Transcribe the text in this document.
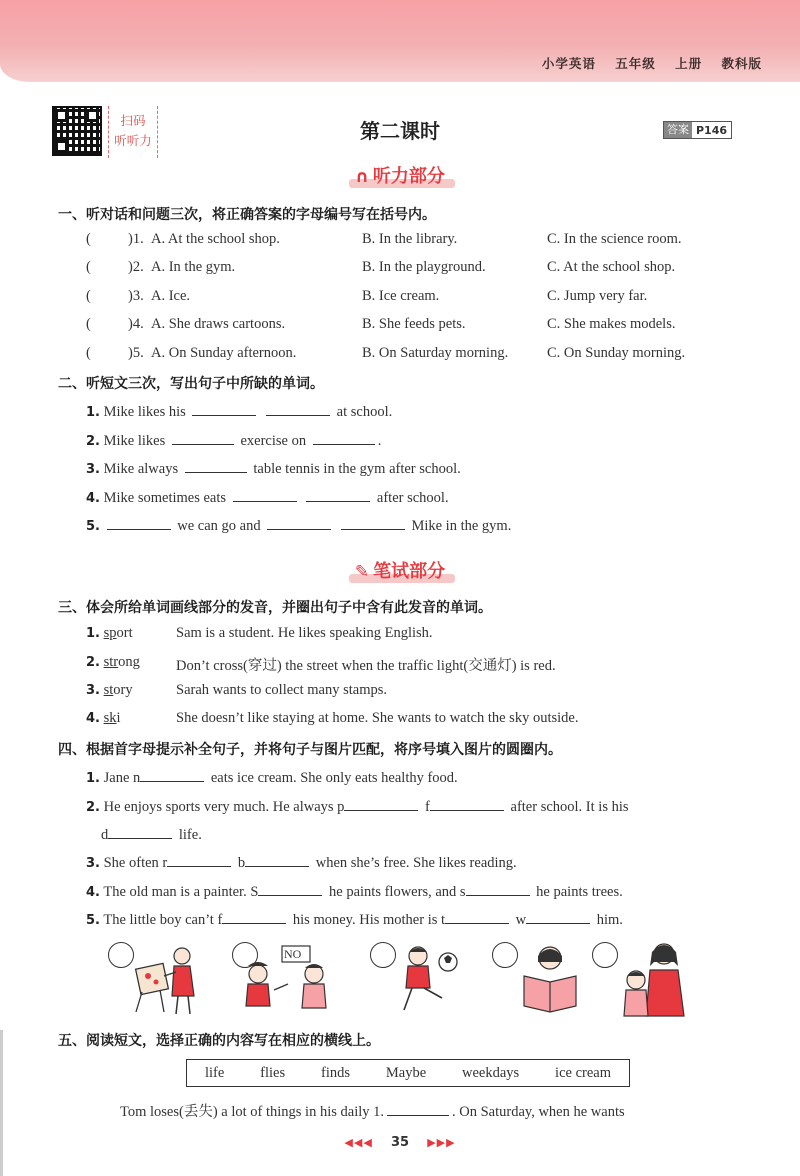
小学英语 五年级 上册 教科版
扫码
听听力	第二课时	答案 P146
∩ 听力部分
一、听对话和问题三次，将正确答案的字母编号写在括号内。
(	)1. A. At the school shop.	B. In the library.	C. In the science room.
(	)2. A. In the gym.	B. In the playground.	C. At the school shop.
(	)3. A. Ice.	B. Ice cream.	C. Jump very far.
(	)4. A. She draws cartoons.	B. She feeds pets.	C. She makes models.
(	)5. A. On Sunday afternoon.	B. On Saturday morning.	C. On Sunday morning.
二、听短文三次，写出句子中所缺的单词。
1. Mike likes his	at school.
2. Mike likes	exercise on	.
3. Mike always	table tennis in the gym after school.
4. Mike sometimes eats	after school.
5.	we can go and	Mike in the gym.
✎ 笔试部分
三、体会所给单词画线部分的发音，并圈出句子中含有此发音的单词。
1. sport	Sam is a student. He likes speaking English.
2. strong Don’t cross(穿过) the street when the traffic light(交通灯) is red.
3. story	Sarah wants to collect many stamps.
4. ski	She doesn’t like staying at home. She wants to watch the sky outside.
四、根据首字母提示补全句子，并将句子与图片匹配，将序号填入图片的圆圈内。
1. Jane n	eats ice cream. She only eats healthy food.
2. He enjoys sports very much. He always p	f	after school. It is his
d	life.
3. She often r	b	when she’s free. She likes reading.
4. The old man is a painter. S	he paints flowers, and s	he paints trees.
5. The little boy can’t f	his money. His mother is t	w	him.
NO
五、阅读短文，选择正确的内容写在相应的横线上。
life flies finds Maybe weekdays ice cream
Tom loses(丢失) a lot of things in his daily 1.	. On Saturday, when he wants
◀◀◀ 35 ▶▶▶
